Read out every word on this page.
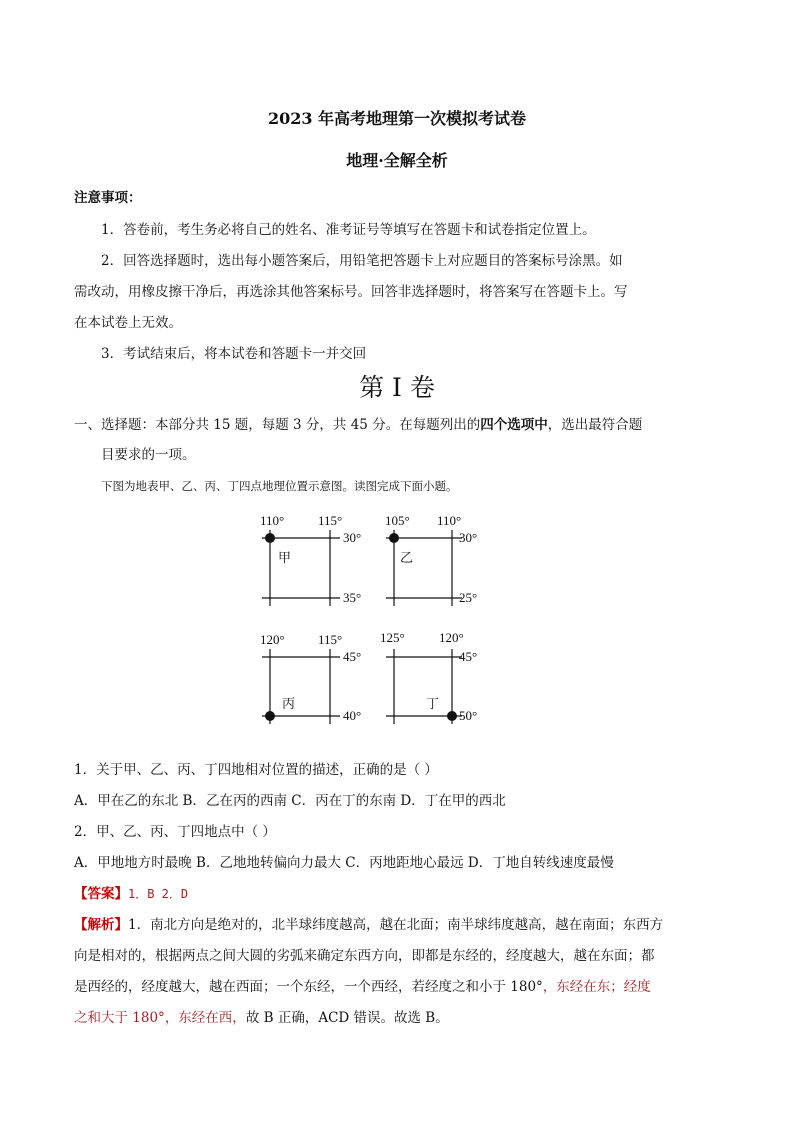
2023 年高考地理第一次模拟考试卷
地理·全解全析
注意事项：
1．答卷前，考生务必将自己的姓名、准考证号等填写在答题卡和试卷指定位置上。
2．回答选择题时，选出每小题答案后，用铅笔把答题卡上对应题目的答案标号涂黑。如
需改动，用橡皮擦干净后，再选涂其他答案标号。回答非选择题时，将答案写在答题卡上。写
在本试卷上无效。
3．考试结束后，将本试卷和答题卡一并交回
第 I 卷
一、选择题：本部分共 15 题，每题 3 分，共 45 分。在每题列出的四个选项中，选出最符合题
目要求的一项。
下图为地表甲、乙、丙、丁四点地理位置示意图。读图完成下面小题。
110°	115°
30°
35°
甲
105° 110°
30°
25°
乙
120°	115°
45°
40°
丙
125°	120°
45°
50°
丁
1．关于甲、乙、丙、丁四地相对位置的描述，正确的是（ ）
A．甲在乙的东北 B．乙在丙的西南 C．丙在丁的东南 D．丁在甲的西北
2．甲、乙、丙、丁四地点中（ ）
A．甲地地方时最晚 B．乙地地转偏向力最大 C．丙地距地心最远 D．丁地自转线速度最慢
【答案】1．B 2．D
【解析】1．南北方向是绝对的，北半球纬度越高，越在北面；南半球纬度越高，越在南面；东西方
向是相对的，根据两点之间大圆的劣弧来确定东西方向，即都是东经的，经度越大，越在东面；都
是西经的，经度越大，越在西面；一个东经，一个西经，若经度之和小于 180°，东经在东；经度
之和大于 180°，东经在西，故 B 正确，ACD 错误。故选 B。
